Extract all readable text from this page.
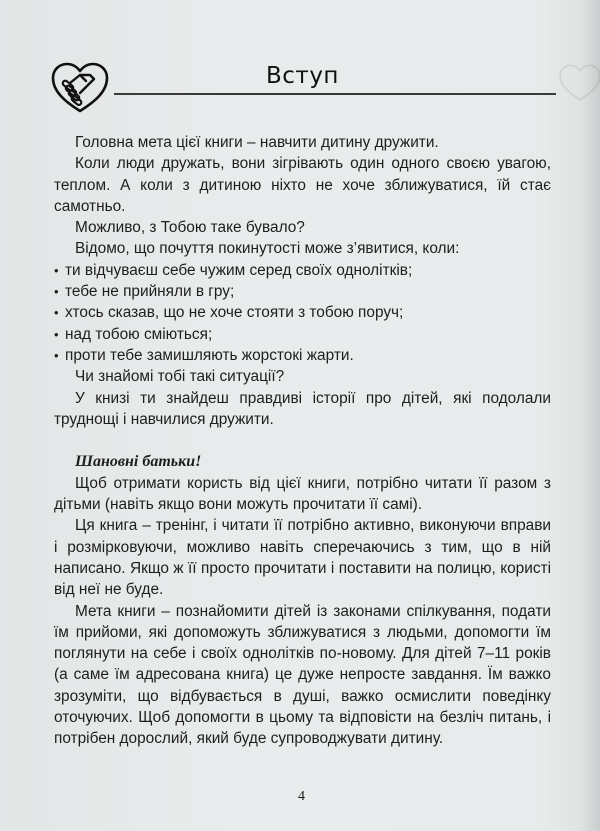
Вступ

Головна мета цієї книги – навчити дитину дружити.

Коли люди дружать, вони зігрівають один одного своєю увагою, теплом. А коли з дитиною ніхто не хоче зближуватися, їй стає самотньо.

Можливо, з Тобою таке бувало?

Відомо, що почуття покинутості може з’явитися, коли:

• ти відчуваєш себе чужим серед своїх однолітків;
• тебе не прийняли в гру;
• хтось сказав, що не хоче стояти з тобою поруч;
• над тобою сміються;
• проти тебе замишляють жорстокі жарти.

Чи знайомі тобі такі ситуації?

У книзі ти знайдеш правдиві історії про дітей, які подолали труднощі і навчилися дружити.

Шановні батьки!

Щоб отримати користь від цієї книги, потрібно читати її разом з дітьми (навіть якщо вони можуть прочитати її самі).

Ця книга – тренінг, і читати її потрібно активно, виконуючи вправи і розмірковуючи, можливо навіть сперечаючись з тим, що в ній написано. Якщо ж її просто прочитати і поставити на полицю, користі від неї не буде.

Мета книги – познайомити дітей із законами спілкування, подати їм прийоми, які допоможуть зближуватися з людьми, допомогти їм поглянути на себе і своїх однолітків по-новому. Для дітей 7–11 років (а саме їм адресована книга) це дуже непросте завдання. Їм важко зрозуміти, що відбувається в душі, важко осмислити поведінку оточуючих. Щоб допомогти в цьому та відповісти на безліч питань, і потрібен дорослий, який буде супроводжувати дитину.

4
